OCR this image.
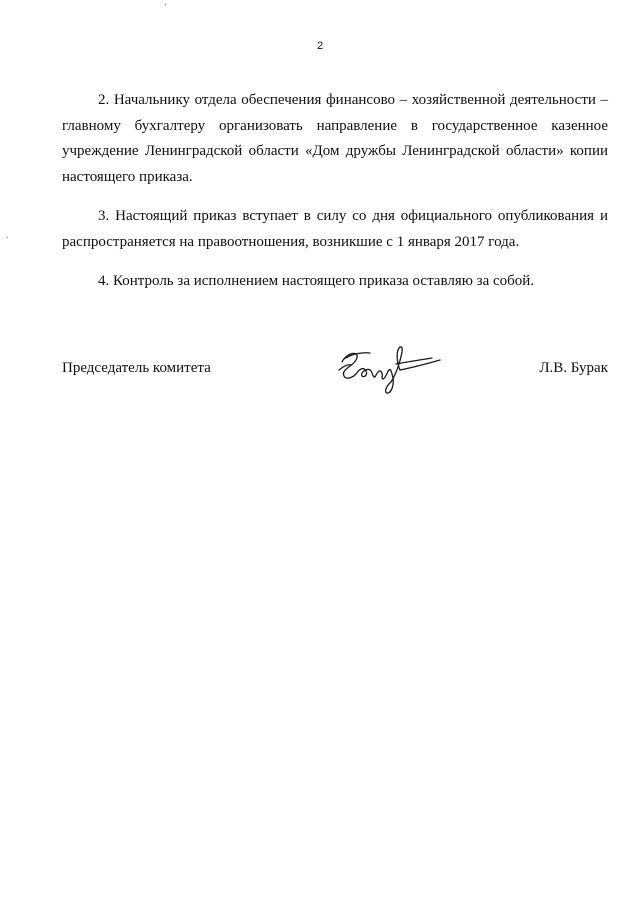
2

2. Начальнику отдела обеспечения финансово – хозяйственной деятельности – главному бухгалтеру организовать направление в государственное казенное учреждение Ленинградской области «Дом дружбы Ленинградской области» копии настоящего приказа.

3. Настоящий приказ вступает в силу со дня официального опубликования и распространяется на правоотношения, возникшие с 1 января 2017 года.

4. Контроль за исполнением настоящего приказа оставляю за собой.

Председатель комитета	Л.В. Бурак
